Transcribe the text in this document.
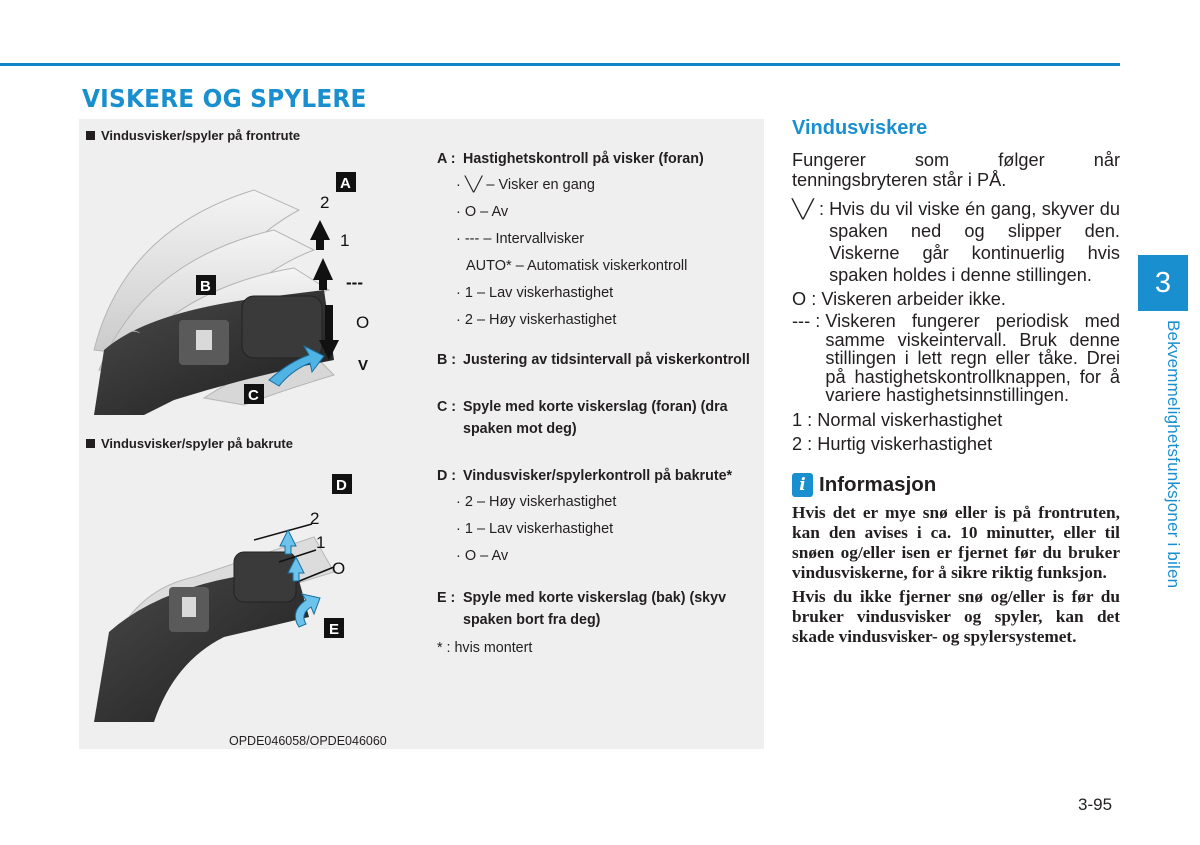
VISKERE OG SPYLERE
Vindusvisker/spyler på frontrute
⌒
A
B
C
2
1
---
O
V
Vindusvisker/spyler på bakrute
D
E
2
1
O
OPDE046058/OPDE046060
A : Hastighetskontroll på visker (foran)
· ╲╱ – Visker en gang
· O – Av
· --- – Intervallvisker
AUTO* – Automatisk viskerkontroll
· 1 – Lav viskerhastighet
· 2 – Høy viskerhastighet
B : Justering av tidsintervall på viskerkontroll
C : Spyle med korte viskerslag (foran) (dra spaken mot deg)
D : Vindusvisker/spylerkontroll på bakrute*
· 2 – Høy viskerhastighet
· 1 – Lav viskerhastighet
· O – Av
E : Spyle med korte viskerslag (bak) (skyv spaken bort fra deg)
* : hvis montert
Vindusviskere
Fungerer som følger når tenningsbryteren står i PÅ.
╲╱ : Hvis du vil viske én gang, skyver du spaken ned og slipper den. Viskerne går kontinuerlig hvis spaken holdes i denne stillingen.
O : Viskeren arbeider ikke.
--- : Viskeren fungerer periodisk med samme viskeintervall. Bruk denne stillingen i lett regn eller tåke. Drei på hastighetskontrollknappen, for å variere hastighetsinnstillingen.
1 : Normal viskerhastighet
2 : Hurtig viskerhastighet
i Informasjon
Hvis det er mye snø eller is på frontruten, kan den avises i ca. 10 minutter, eller til snøen og/eller isen er fjernet før du bruker vindusviskerne, for å sikre riktig funksjon.
Hvis du ikke fjerner snø og/eller is før du bruker vindusvisker og spyler, kan det skade vindusvisker- og spylersystemet.
3
Bekvemmelighetsfunksjoner i bilen
3-95
